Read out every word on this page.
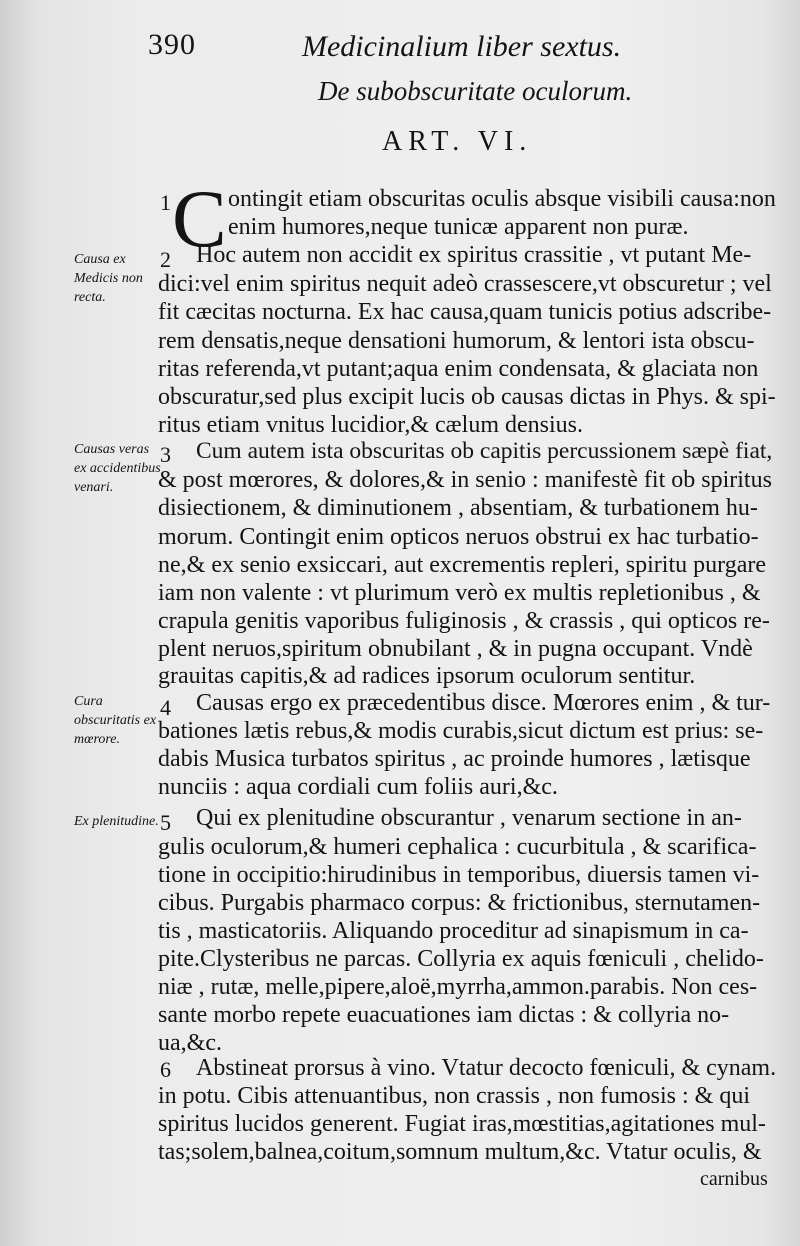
390	Medicinalium liber sextus.
De subobscuritate oculorum.
ART. VI.
Causa ex Medicis non recta.
Causas veras ex accidentibus venari.
Cura obscuritatis ex mœrore.
Ex plenitudine.
1
2
3
4
5
6
C ontingit etiam obscuritas oculis absque visibili causa:non
enim humores,neque tunicæ apparent non puræ.
Hoc autem non accidit ex spiritus crassitie , vt putant Me-
dici:vel enim spiritus nequit adeò crassescere,vt obscuretur ; vel
fit cæcitas nocturna. Ex hac causa,quam tunicis potius adscribe-
rem densatis,neque densationi humorum, & lentori ista obscu-
ritas referenda,vt putant;aqua enim condensata, & glaciata non
obscuratur,sed plus excipit lucis ob causas dictas in Phys. & spi-
ritus etiam vnitus lucidior,& cælum densius.
Cum autem ista obscuritas ob capitis percussionem sæpè fiat,
& post mœrores, & dolores,& in senio : manifestè fit ob spiritus
disiectionem, & diminutionem , absentiam, & turbationem hu-
morum. Contingit enim opticos neruos obstrui ex hac turbatio-
ne,& ex senio exsiccari, aut excrementis repleri, spiritu purgare
iam non valente : vt plurimum verò ex multis repletionibus , &
crapula genitis vaporibus fuliginosis , & crassis , qui opticos re-
plent neruos,spiritum obnubilant , & in pugna occupant. Vndè
grauitas capitis,& ad radices ipsorum oculorum sentitur.
Causas ergo ex præcedentibus disce. Mœrores enim , & tur-
bationes lætis rebus,& modis curabis,sicut dictum est prius: se-
dabis Musica turbatos spiritus , ac proinde humores , lætisque
nunciis : aqua cordiali cum foliis auri,&c.
Qui ex plenitudine obscurantur , venarum sectione in an-
gulis oculorum,& humeri cephalica : cucurbitula , & scarifica-
tione in occipitio:hirudinibus in temporibus, diuersis tamen vi-
cibus. Purgabis pharmaco corpus: & frictionibus, sternutamen-
tis , masticatoriis. Aliquando proceditur ad sinapismum in ca-
pite.Clysteribus ne parcas. Collyria ex aquis fœniculi , chelido-
niæ , rutæ, melle,pipere,aloë,myrrha,ammon.parabis. Non ces-
sante morbo repete euacuationes iam dictas : & collyria no-
ua,&c.
Abstineat prorsus à vino. Vtatur decocto fœniculi, & cynam.
in potu. Cibis attenuantibus, non crassis , non fumosis : & qui
spiritus lucidos generent. Fugiat iras,mœstitias,agitationes mul-
tas;solem,balnea,coitum,somnum multum,&c. Vtatur oculis, &
carnibus
